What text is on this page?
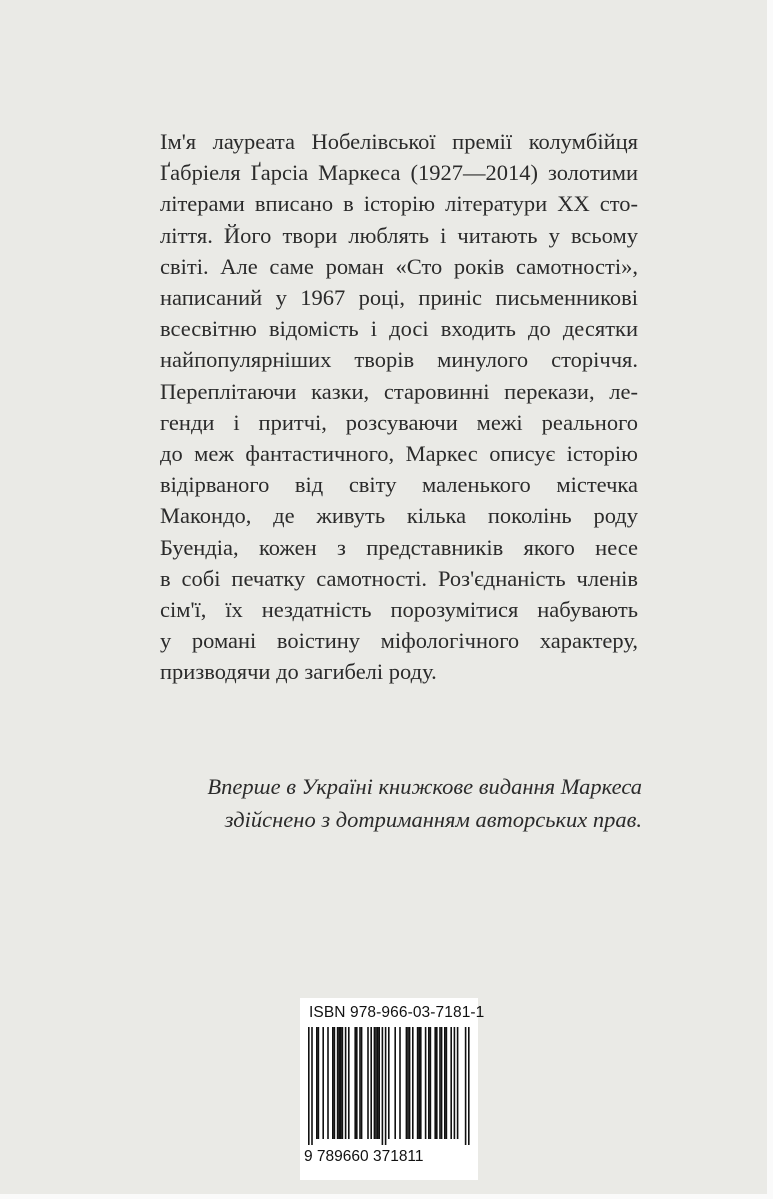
Ім'я лауреата Нобелівської премії колумбійця
Ґабріеля Ґарсіа Маркеса (1927—2014) золотими
літерами вписано в історію літератури XX сто-
ліття. Його твори люблять і читають у всьому
світі. Але саме роман «Сто років самотності»,
написаний у 1967 році, приніс письменникові
всесвітню відомість і досі входить до десятки
найпопулярніших творів минулого сторіччя.
Переплітаючи казки, старовинні перекази, ле-
генди і притчі, розсуваючи межі реального
до меж фантастичного, Маркес описує історію
відірваного від світу маленького містечка
Макондо, де живуть кілька поколінь роду
Буендіа, кожен з представників якого несе
в собі печатку самотності. Роз'єднаність членів
сім'ї, їх нездатність порозумітися набувають
у романі воістину міфологічного характеру,
призводячи до загибелі роду.
Вперше в Україні книжкове видання Маркеса
здійснено з дотриманням авторських прав.
ISBN 978-966-03-7181-1
9 789660 371811
